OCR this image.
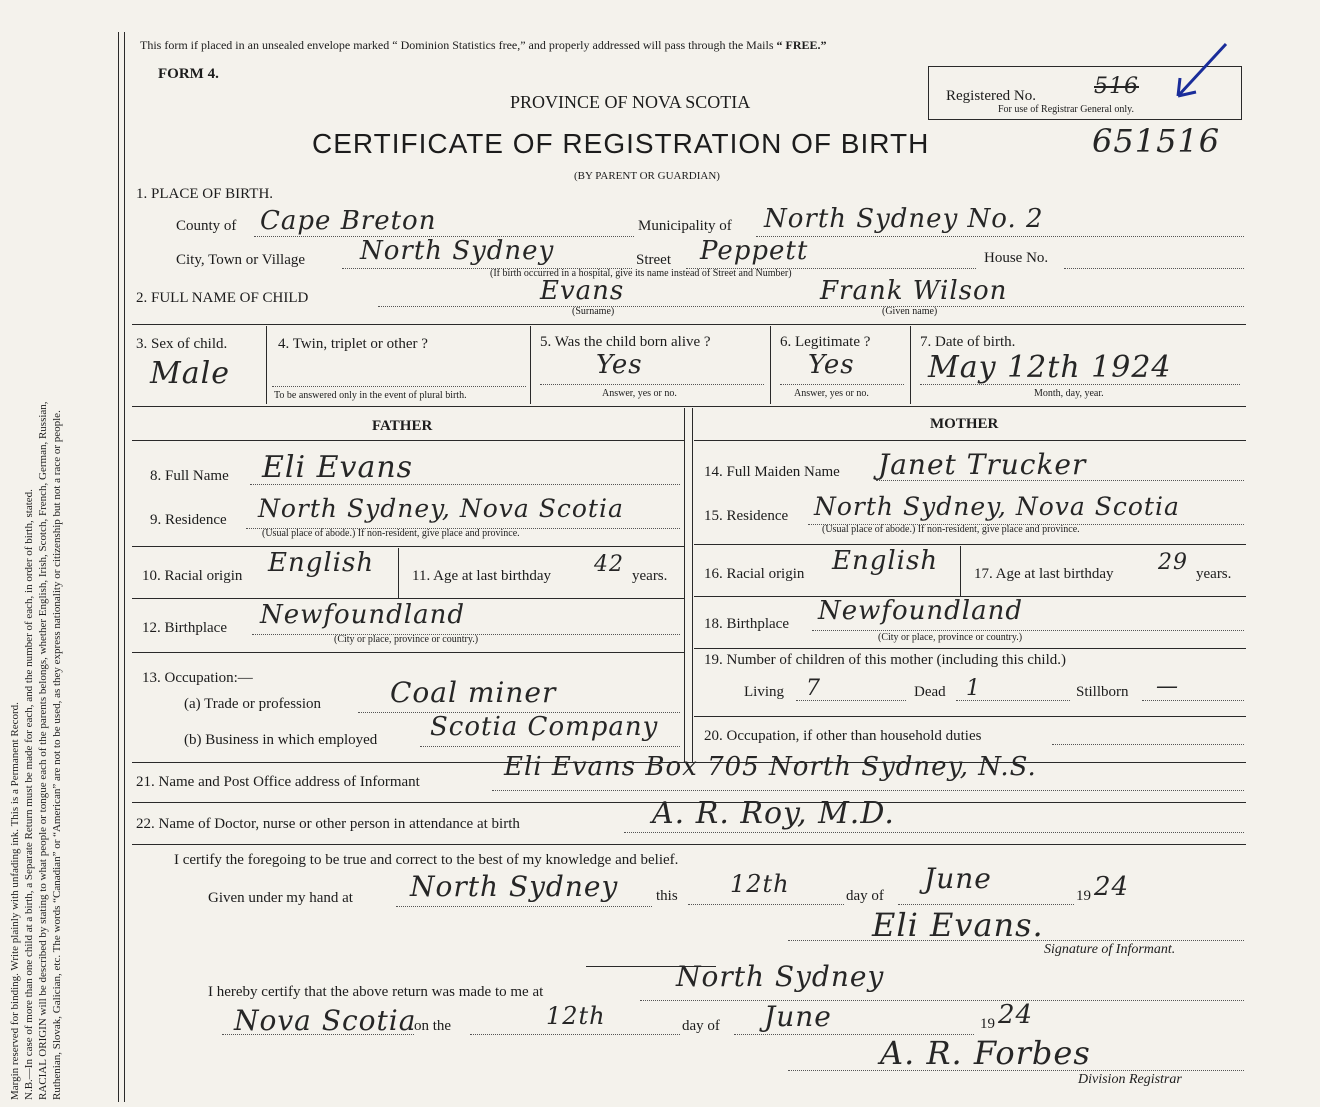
Margin reserved for binding. Write plainly with unfading ink. This is a Permanent Record. N.B.—In case of more than one child at a birth, a Separate Return must be made for each, and the number of each, in order of birth, stated. RACIAL ORIGIN will be described by stating to what people or tongue each of the parents belongs, whether English, Irish, Scotch, French, German, Russian, Ruthenian, Slovak, Galician, etc. The words “Canadian” or “American” are not to be used, as they express nationality or citizenship but not a race or people.
This form if placed in an unsealed envelope marked “ Dominion Statistics free,” and properly addressed will pass through the Mails “ FREE.”
FORM 4.
PROVINCE OF NOVA SCOTIA
CERTIFICATE OF REGISTRATION OF BIRTH
(BY PARENT OR GUARDIAN)
651516
Registered No.	516
For use of Registrar General only.
1. PLACE OF BIRTH.
County of Cape Breton	Municipality of North Sydney No. 2
City, Town or Village North Sydney	Street Peppett	House No.
(If birth occurred in a hospital, give its name instead of Street and Number)
2. FULL NAME OF CHILD	Evans	Frank Wilson
(Surname)	(Given name)
3. Sex of child.
Male
4. Twin, triplet or other ?
To be answered only in the event of plural birth.
5. Was the child born alive ?
Yes
Answer, yes or no.
6. Legitimate ?
Yes
Answer, yes or no.
7. Date of birth.
May 12th 1924
Month, day, year.
FATHER	MOTHER
8. Full Name Eli Evans
9. Residence North Sydney, Nova Scotia
(Usual place of abode.) If non-resident, give place and province.
10. Racial origin English	11. Age at last birthday 42 years.
12. Birthplace Newfoundland
(City or place, province or country.)
13. Occupation:—
(a) Trade or profession Coal miner
(b) Business in which employed Scotia Company
14. Full Maiden Name Janet Trucker
15. Residence North Sydney, Nova Scotia
(Usual place of abode.) If non-resident, give place and province.
16. Racial origin English 17. Age at last birthday 29 years.
18. Birthplace Newfoundland
(City or place, province or country.)
19. Number of children of this mother (including this child.)
Living 7	Dead 1	Stillborn —
20. Occupation, if other than household duties
21. Name and Post Office address of Informant	Eli Evans Box 705 North Sydney, N.S.
22. Name of Doctor, nurse or other person in attendance at birth	A. R. Roy, M.D.
I certify the foregoing to be true and correct to the best of my knowledge and belief.
Given under my hand at North Sydney	this 12th	day of
June
19 24
Eli Evans.
Signature of Informant.
I hereby certify that the above return was made to me at	North Sydney
Nova Scotia
on the	12th	day of June	19 24
A. R. Forbes
Division Registrar
